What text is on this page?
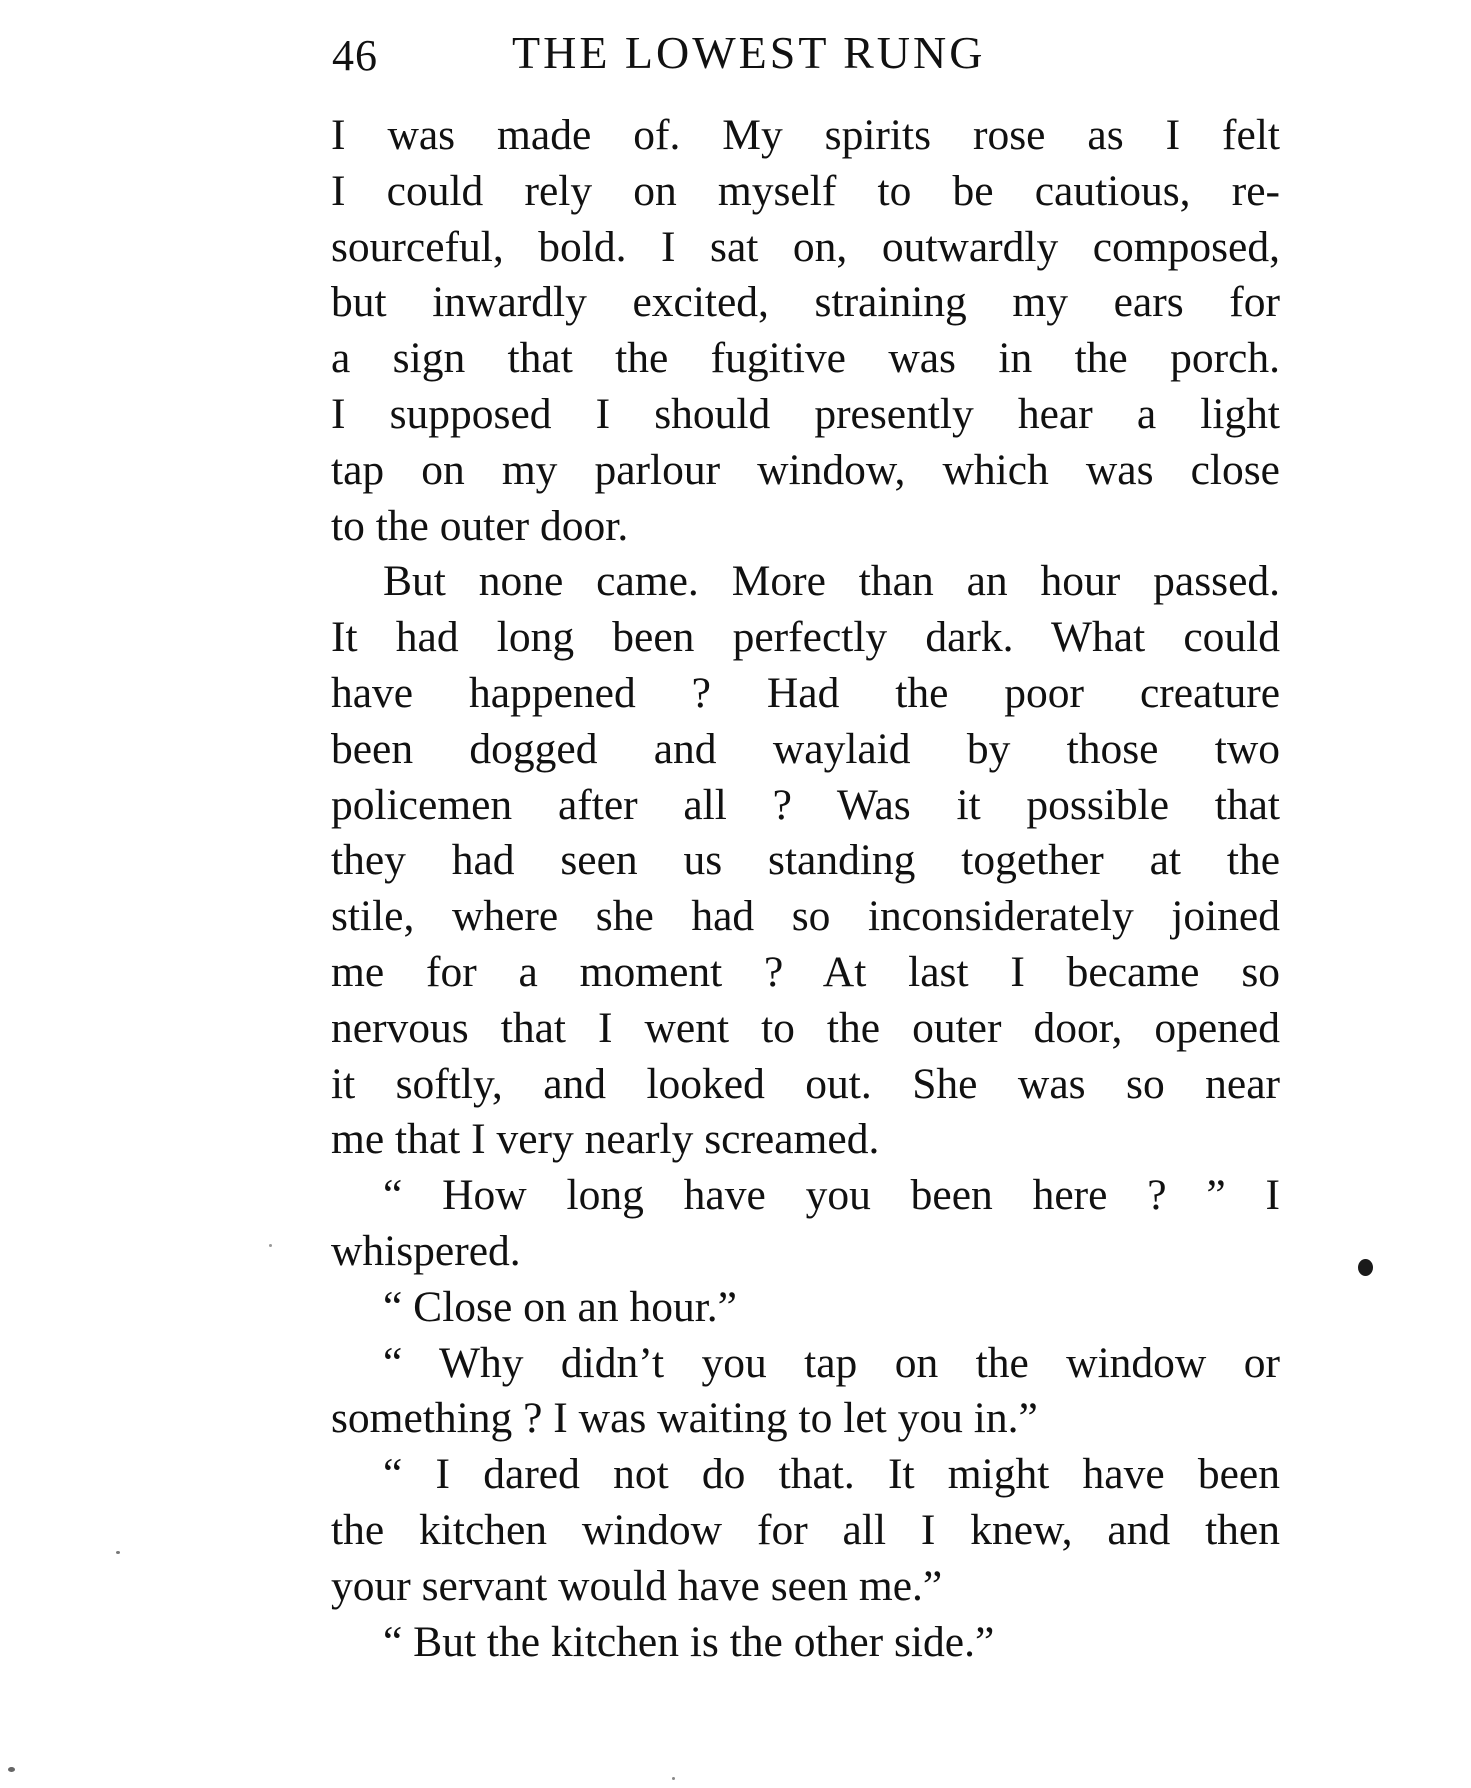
46	THE LOWEST RUNG
I was made of. My spirits rose as I felt
I could rely on myself to be cautious, re-
sourceful, bold. I sat on, outwardly composed,
but inwardly excited, straining my ears for
a sign that the fugitive was in the porch.
I supposed I should presently hear a light
tap on my parlour window, which was close
to the outer door.
But none came. More than an hour passed.
It had long been perfectly dark. What could
have happened ? Had the poor creature
been dogged and waylaid by those two
policemen after all ? Was it possible that
they had seen us standing together at the
stile, where she had so inconsiderately joined
me for a moment ? At last I became so
nervous that I went to the outer door, opened
it softly, and looked out. She was so near
me that I very nearly screamed.
“ How long have you been here ? ” I
whispered.
“ Close on an hour.”
“ Why didn’t you tap on the window or
something ? I was waiting to let you in.”
“ I dared not do that. It might have been
the kitchen window for all I knew, and then
your servant would have seen me.”
“ But the kitchen is the other side.”
